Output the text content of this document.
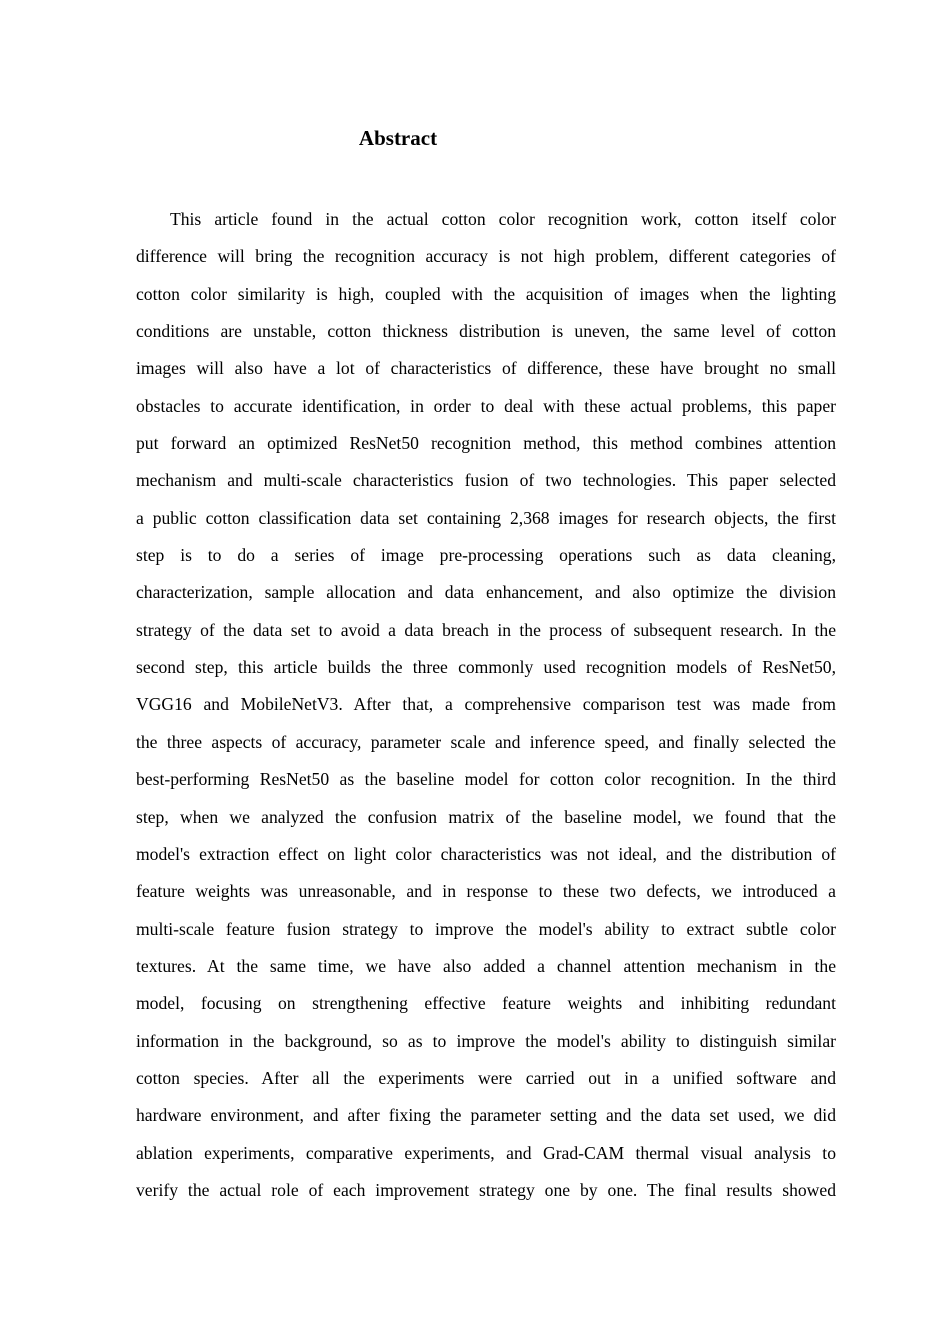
Abstract
This article found in the actual cotton color recognition work, cotton itself color
difference will bring the recognition accuracy is not high problem, different categories of
cotton color similarity is high, coupled with the acquisition of images when the lighting
conditions are unstable, cotton thickness distribution is uneven, the same level of cotton
images will also have a lot of characteristics of difference, these have brought no small
obstacles to accurate identification, in order to deal with these actual problems, this paper
put forward an optimized ResNet50 recognition method, this method combines attention
mechanism and multi-scale characteristics fusion of two technologies. This paper selected
a public cotton classification data set containing 2,368 images for research objects, the first
step is to do a series of image pre-processing operations such as data cleaning,
characterization, sample allocation and data enhancement, and also optimize the division
strategy of the data set to avoid a data breach in the process of subsequent research. In the
second step, this article builds the three commonly used recognition models of ResNet50,
VGG16 and MobileNetV3. After that, a comprehensive comparison test was made from
the three aspects of accuracy, parameter scale and inference speed, and finally selected the
best-performing ResNet50 as the baseline model for cotton color recognition. In the third
step, when we analyzed the confusion matrix of the baseline model, we found that the
model's extraction effect on light color characteristics was not ideal, and the distribution of
feature weights was unreasonable, and in response to these two defects, we introduced a
multi-scale feature fusion strategy to improve the model's ability to extract subtle color
textures. At the same time, we have also added a channel attention mechanism in the
model, focusing on strengthening effective feature weights and inhibiting redundant
information in the background, so as to improve the model's ability to distinguish similar
cotton species. After all the experiments were carried out in a unified software and
hardware environment, and after fixing the parameter setting and the data set used, we did
ablation experiments, comparative experiments, and Grad-CAM thermal visual analysis to
verify the actual role of each improvement strategy one by one. The final results showed
